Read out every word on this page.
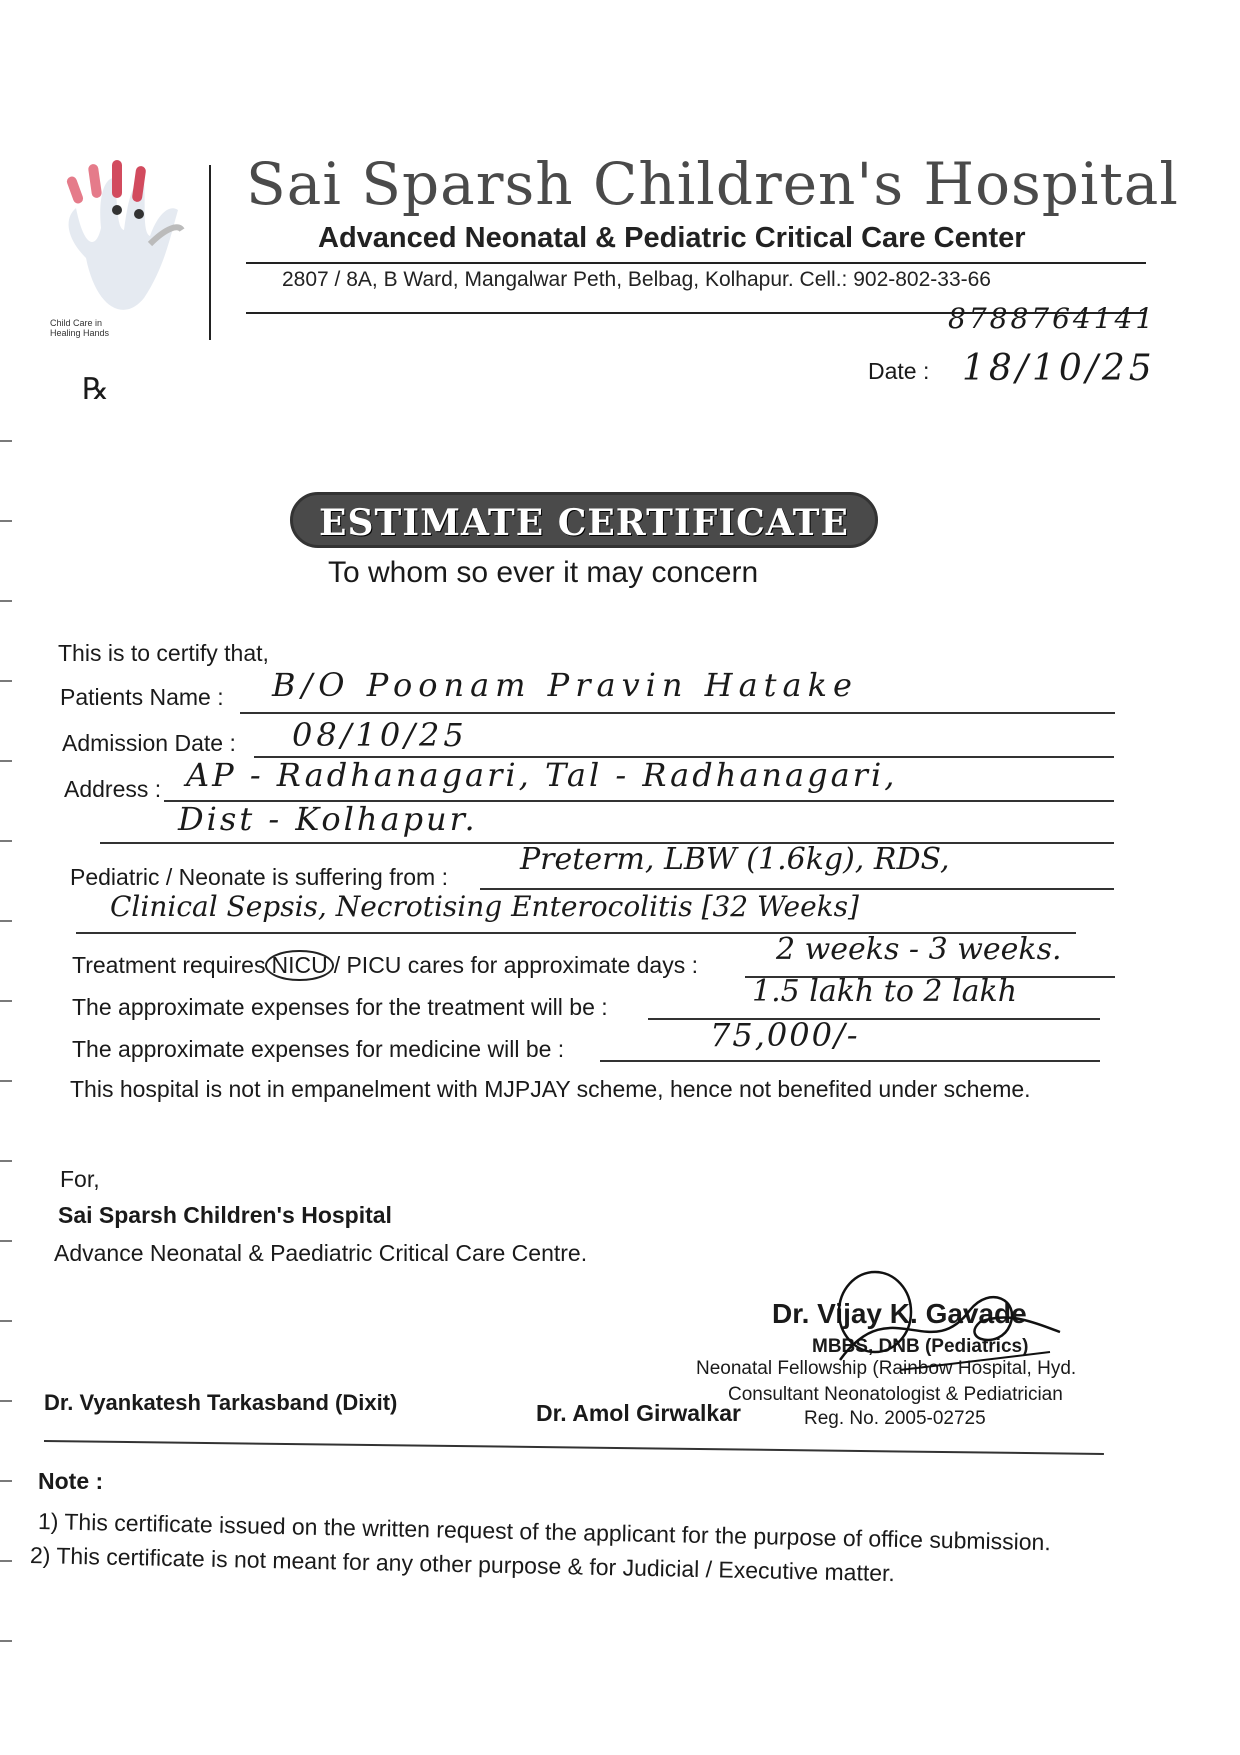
Child Care in
Healing Hands
Sai Sparsh Children's Hospital
Advanced Neonatal & Pediatric Critical Care Center
2807 / 8A, B Ward, Mangalwar Peth, Belbag, Kolhapur. Cell.: 902-802-33-66
8788764141
℞
Date : 18/10/25
ESTIMATE CERTIFICATE
To whom so ever it may concern
This is to certify that,
Patients Name : B/O Poonam Pravin Hatake
Admission Date : 08/10/25
Address : AP - Radhanagari, Tal - Radhanagari,
Dist - Kolhapur.
Pediatric / Neonate is suffering from : Preterm, LBW (1.6kg), RDS,
Clinical Sepsis, Necrotising Enterocolitis [32 Weeks]
Treatment requires NICU / PICU cares for approximate days :	2 weeks - 3 weeks.
The approximate expenses for the treatment will be :	1.5 lakh to 2 lakh
The approximate expenses for medicine will be :	75,000/-
This hospital is not in empanelment with MJPJAY scheme, hence not benefited under scheme.
For,
Sai Sparsh Children's Hospital
Advance Neonatal & Paediatric Critical Care Centre.
Dr. Vyankatesh Tarkasband (Dixit)	Dr. Amol Girwalkar
Dr. Vijay K. Gavade
MBBS, DNB (Pediatrics)
Neonatal Fellowship (Rainbow Hospital, Hyd.
Consultant Neonatologist & Pediatrician
Reg. No. 2005-02725
Note :
1) This certificate issued on the written request of the applicant for the purpose of office submission.
2) This certificate is not meant for any other purpose & for Judicial / Executive matter.
